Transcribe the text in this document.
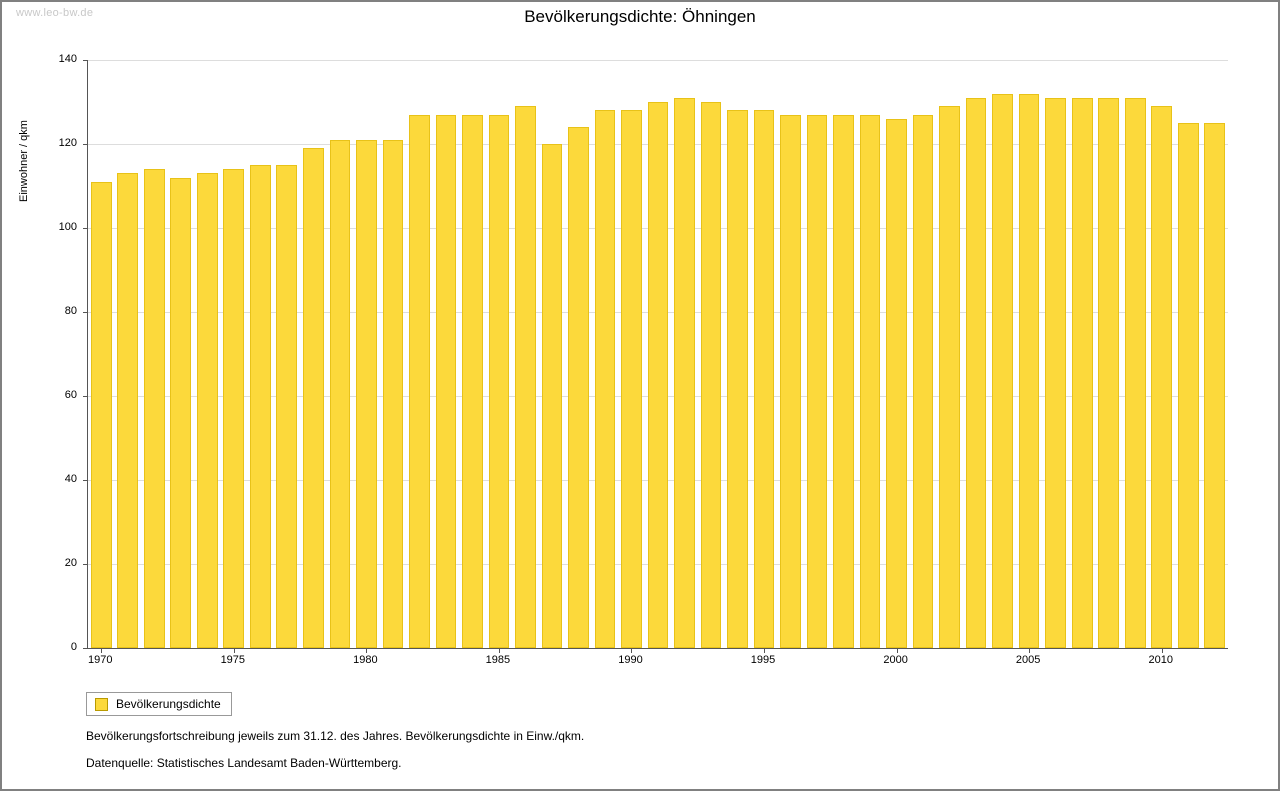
www.leo-bw.de	Bevölkerungsdichte: Öhningen
Einwohner / qkm
0
20
40
60
80
100
120
140
1970	1975	1980	1985	1990	1995	2000	2005	2010
Bevölkerungsdichte
Bevölkerungsfortschreibung jeweils zum 31.12. des Jahres. Bevölkerungsdichte in Einw./qkm.
Datenquelle: Statistisches Landesamt Baden-Württemberg.
